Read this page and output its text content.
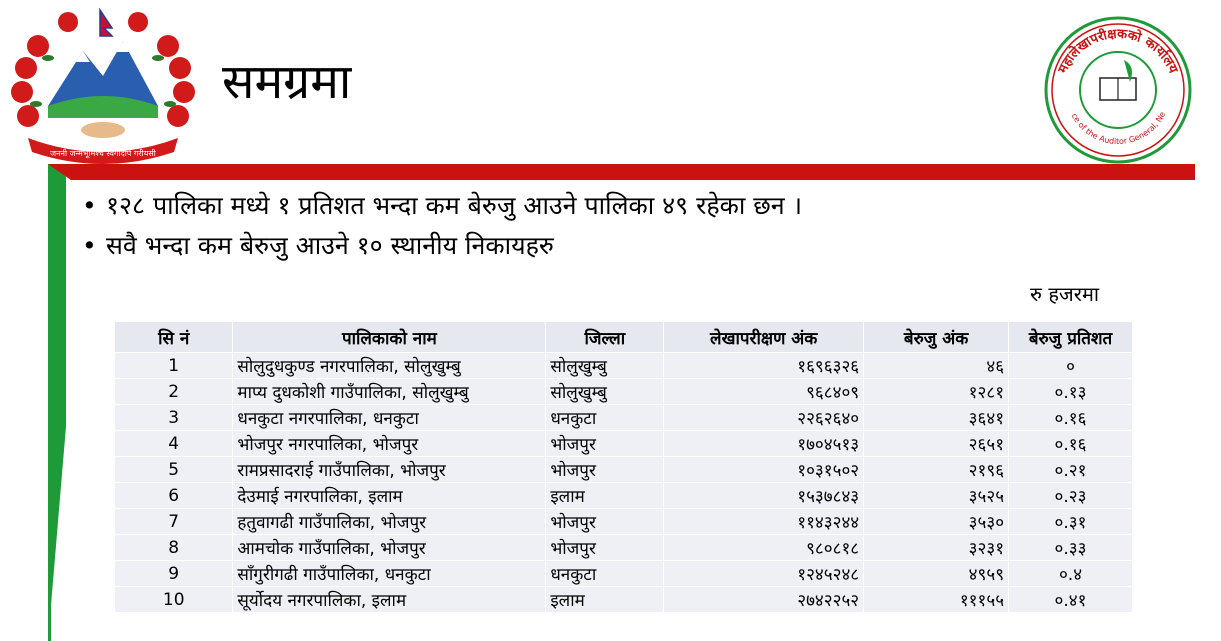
जननी जन्मभूमिश्च स्वर्गादपि गरीयसी
समग्रमा	महालेखापरीक्षकको कार्यालय
ce of the Auditor General, Ne
• १२८ पालिका मध्ये १ प्रतिशत भन्दा कम बेरुजु आउने पालिका ४९ रहेका छन ।
• सवै भन्दा कम बेरुजु आउने १० स्थानीय निकायहरु
रु हजरमा
सि नं	पालिकाको नाम	जिल्ला	लेखापरीक्षण अंक	बेरुजु अंक	बेरुजु प्रतिशत
1	सोलुदुधकुण्ड नगरपालिका, सोलुखुम्बु	सोलुखुम्बु	१६९६३२६	४६	०
2	माप्य दुधकोशी गाउँपालिका, सोलुखुम्बु	सोलुखुम्बु	९६८४०९	१२८१	०.१३
3	धनकुटा नगरपालिका, धनकुटा	धनकुटा	२२६२६४०	३६४१	०.१६
4	भोजपुर नगरपालिका, भोजपुर	भोजपुर	१७०४५१३	२६५१	०.१६
5	रामप्रसादराई गाउँपालिका, भोजपुर	भोजपुर	१०३१५०२	२१९६	०.२१
6	देउमाई नगरपालिका, इलाम	इलाम	१५३७८४३	३५२५	०.२३
7	हतुवागढी गाउँपालिका, भोजपुर	भोजपुर	११४३२४४	३५३०	०.३१
8	आमचोक गाउँपालिका, भोजपुर	भोजपुर	९८०८१८	३२३१	०.३३
9	साँगुरीगढी गाउँपालिका, धनकुटा	धनकुटा	१२४५२४८	४९५९	०.४
10	सूर्योदय नगरपालिका, इलाम	इलाम	२७४२२५२	१११५५	०.४१
